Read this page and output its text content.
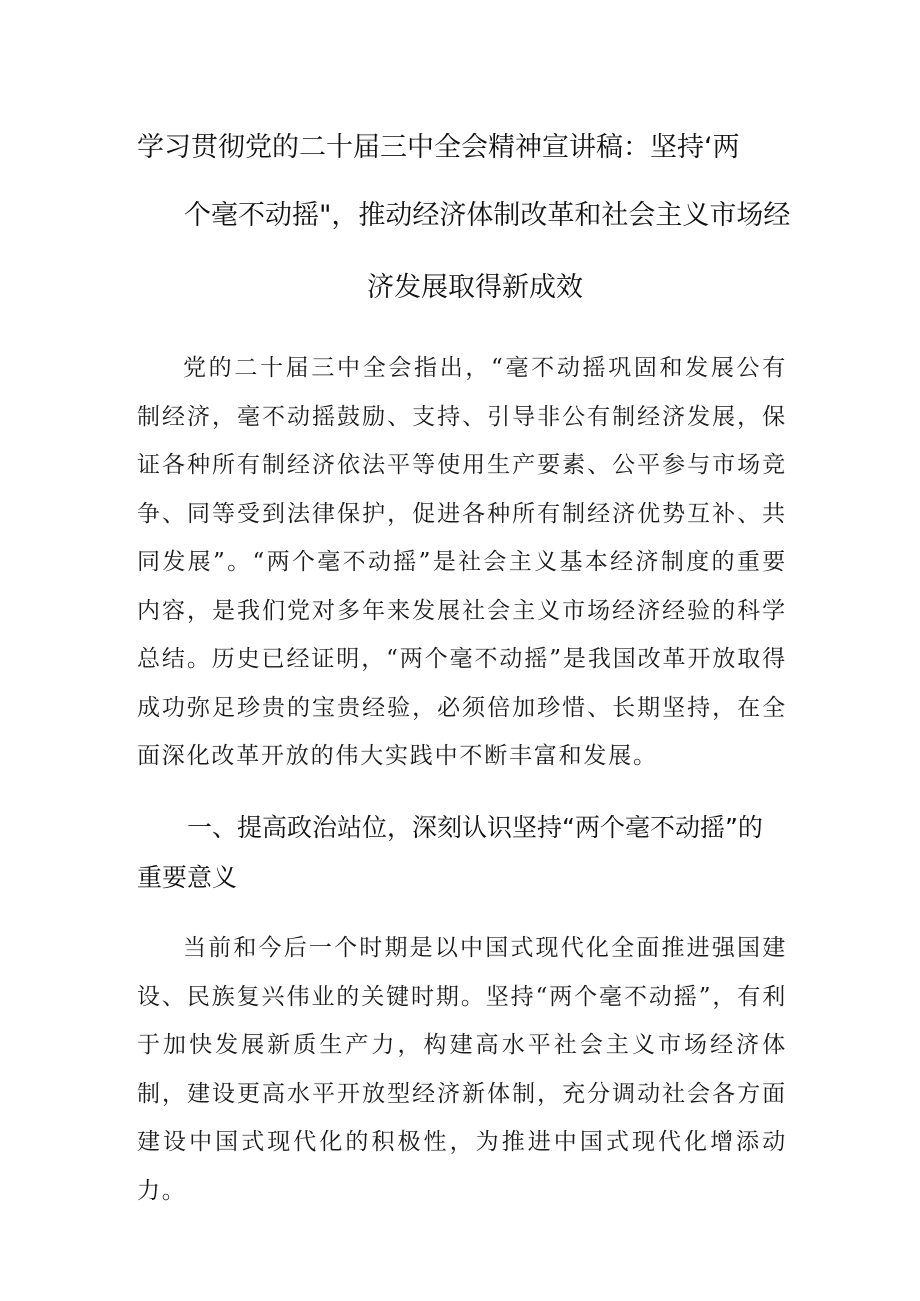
学习贯彻党的二十届三中全会精神宣讲稿：坚持‘两
个毫不动摇"，推动经济体制改革和社会主义市场经
济发展取得新成效

党的二十届三中全会指出，“毫不动摇巩固和发展公有制经济，毫不动摇鼓励、支持、引导非公有制经济发展，保证各种所有制经济依法平等使用生产要素、公平参与市场竞争、同等受到法律保护，促进各种所有制经济优势互补、共同发展”。“两个毫不动摇”是社会主义基本经济制度的重要内容，是我们党对多年来发展社会主义市场经济经验的科学总结。历史已经证明，“两个毫不动摇”是我国改革开放取得成功弥足珍贵的宝贵经验，必须倍加珍惜、长期坚持，在全面深化改革开放的伟大实践中不断丰富和发展。

一、提高政治站位，深刻认识坚持“两个毫不动摇”的重要意义

当前和今后一个时期是以中国式现代化全面推进强国建设、民族复兴伟业的关键时期。坚持“两个毫不动摇”，有利于加快发展新质生产力，构建高水平社会主义市场经济体制，建设更高水平开放型经济新体制，充分调动社会各方面建设中国式现代化的积极性，为推进中国式现代化增添动力。
